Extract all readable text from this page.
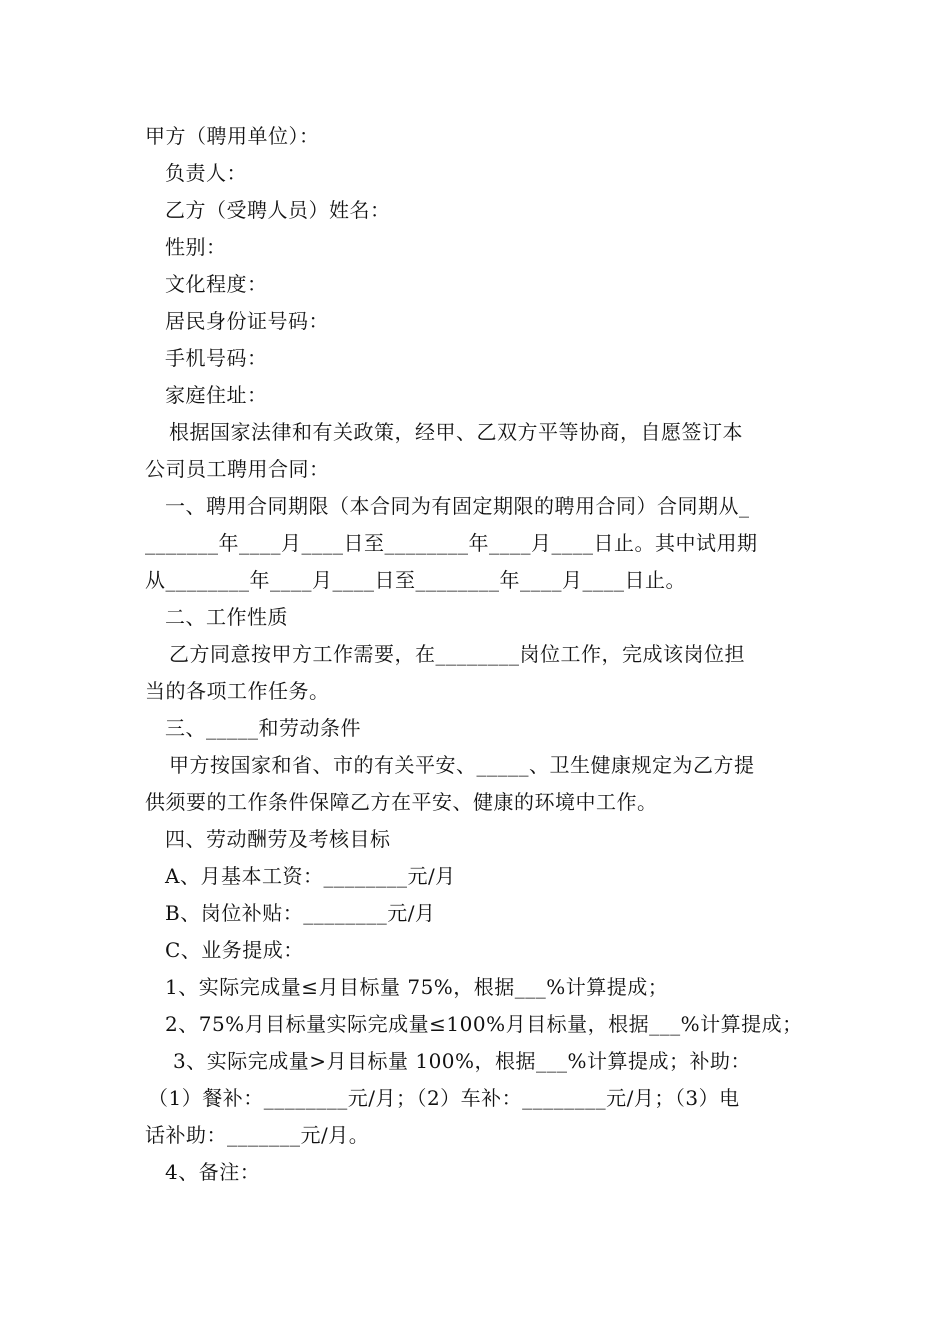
甲方（聘用单位）：
负责人：
乙方（受聘人员）姓名：
性别：
文化程度：
居民身份证号码：
手机号码：
家庭住址：
根据国家法律和有关政策，经甲、乙双方平等协商，自愿签订本
公司员工聘用合同：
一、聘用合同期限（本合同为有固定期限的聘用合同）合同期从_
_______年____月____日至________年____月____日止。其中试用期
从________年____月____日至________年____月____日止。
二、工作性质
乙方同意按甲方工作需要，在________岗位工作，完成该岗位担
当的各项工作任务。
三、_____和劳动条件
甲方按国家和省、市的有关平安、_____、卫生健康规定为乙方提
供须要的工作条件保障乙方在平安、健康的环境中工作。
四、劳动酬劳及考核目标
A、月基本工资：________元/月
B、岗位补贴：________元/月
C、业务提成：
1、实际完成量≤月目标量 75%，根据___%计算提成；
2、75%月目标量实际完成量≤100%月目标量，根据___%计算提成；
3、实际完成量>月目标量 100%，根据___%计算提成；补助：
（1）餐补：________元/月；（2）车补：________元/月；（3）电
话补助：_______元/月。
4、备注：
